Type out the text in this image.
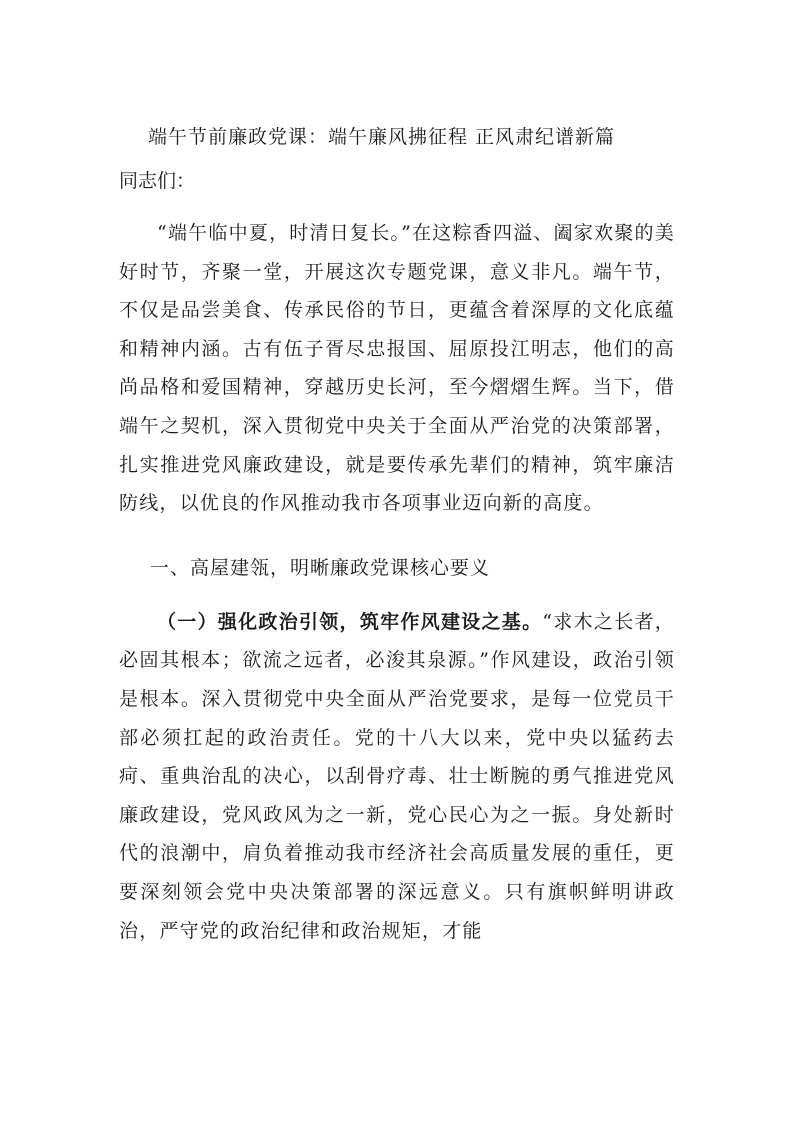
端午节前廉政党课：端午廉风拂征程 正风肃纪谱新篇

同志们：

“端午临中夏，时清日复长。”在这粽香四溢、阖家欢聚的美好时节，齐聚一堂，开展这次专题党课，意义非凡。端午节，不仅是品尝美食、传承民俗的节日，更蕴含着深厚的文化底蕴和精神内涵。古有伍子胥尽忠报国、屈原投江明志，他们的高尚品格和爱国精神，穿越历史长河，至今熠熠生辉。当下，借端午之契机，深入贯彻党中央关于全面从严治党的决策部署，扎实推进党风廉政建设，就是要传承先辈们的精神，筑牢廉洁防线，以优良的作风推动我市各项事业迈向新的高度。

一、高屋建瓴，明晰廉政党课核心要义

（一）强化政治引领，筑牢作风建设之基。“求木之长者，必固其根本；欲流之远者，必浚其泉源。”作风建设，政治引领是根本。深入贯彻党中央全面从严治党要求，是每一位党员干部必须扛起的政治责任。党的十八大以来，党中央以猛药去疴、重典治乱的决心，以刮骨疗毒、壮士断腕的勇气推进党风廉政建设，党风政风为之一新，党心民心为之一振。身处新时代的浪潮中，肩负着推动我市经济社会高质量发展的重任，更要深刻领会党中央决策部署的深远意义。只有旗帜鲜明讲政治，严守党的政治纪律和政治规矩，才能
